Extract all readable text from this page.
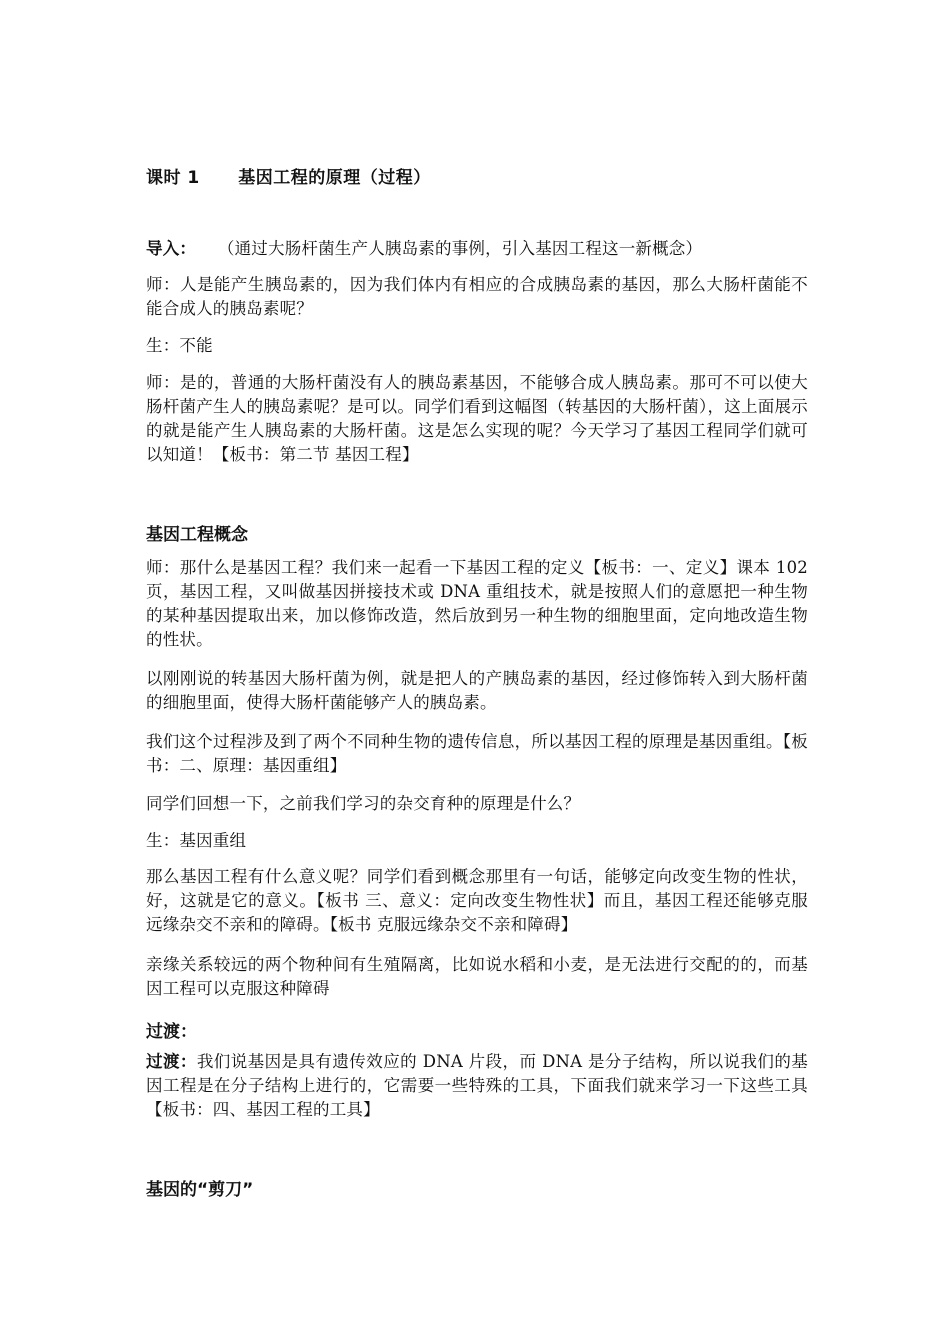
课时 1      基因工程的原理（过程）
导入：    （通过大肠杆菌生产人胰岛素的事例，引入基因工程这一新概念）
师：人是能产生胰岛素的，因为我们体内有相应的合成胰岛素的基因，那么大肠杆菌能不能合成人的胰岛素呢？
生：不能
师：是的，普通的大肠杆菌没有人的胰岛素基因，不能够合成人胰岛素。那可不可以使大肠杆菌产生人的胰岛素呢？是可以。同学们看到这幅图（转基因的大肠杆菌），这上面展示的就是能产生人胰岛素的大肠杆菌。这是怎么实现的呢？今天学习了基因工程同学们就可以知道！【板书：第二节 基因工程】
基因工程概念
师：那什么是基因工程？我们来一起看一下基因工程的定义【板书：一、定义】课本 102 页，基因工程，又叫做基因拼接技术或 DNA 重组技术，就是按照人们的意愿把一种生物的某种基因提取出来，加以修饰改造，然后放到另一种生物的细胞里面，定向地改造生物的性状。
以刚刚说的转基因大肠杆菌为例，就是把人的产胰岛素的基因，经过修饰转入到大肠杆菌的细胞里面，使得大肠杆菌能够产人的胰岛素。
我们这个过程涉及到了两个不同种生物的遗传信息，所以基因工程的原理是基因重组。【板书：二、原理：基因重组】
同学们回想一下，之前我们学习的杂交育种的原理是什么？
生：基因重组
那么基因工程有什么意义呢？同学们看到概念那里有一句话，能够定向改变生物的性状，好，这就是它的意义。【板书 三、意义：定向改变生物性状】而且，基因工程还能够克服远缘杂交不亲和的障碍。【板书 克服远缘杂交不亲和障碍】
亲缘关系较远的两个物种间有生殖隔离，比如说水稻和小麦，是无法进行交配的的，而基因工程可以克服这种障碍
过渡：
过渡：我们说基因是具有遗传效应的 DNA 片段，而 DNA 是分子结构，所以说我们的基因工程是在分子结构上进行的，它需要一些特殊的工具，下面我们就来学习一下这些工具【板书：四、基因工程的工具】
基因的“剪刀”
